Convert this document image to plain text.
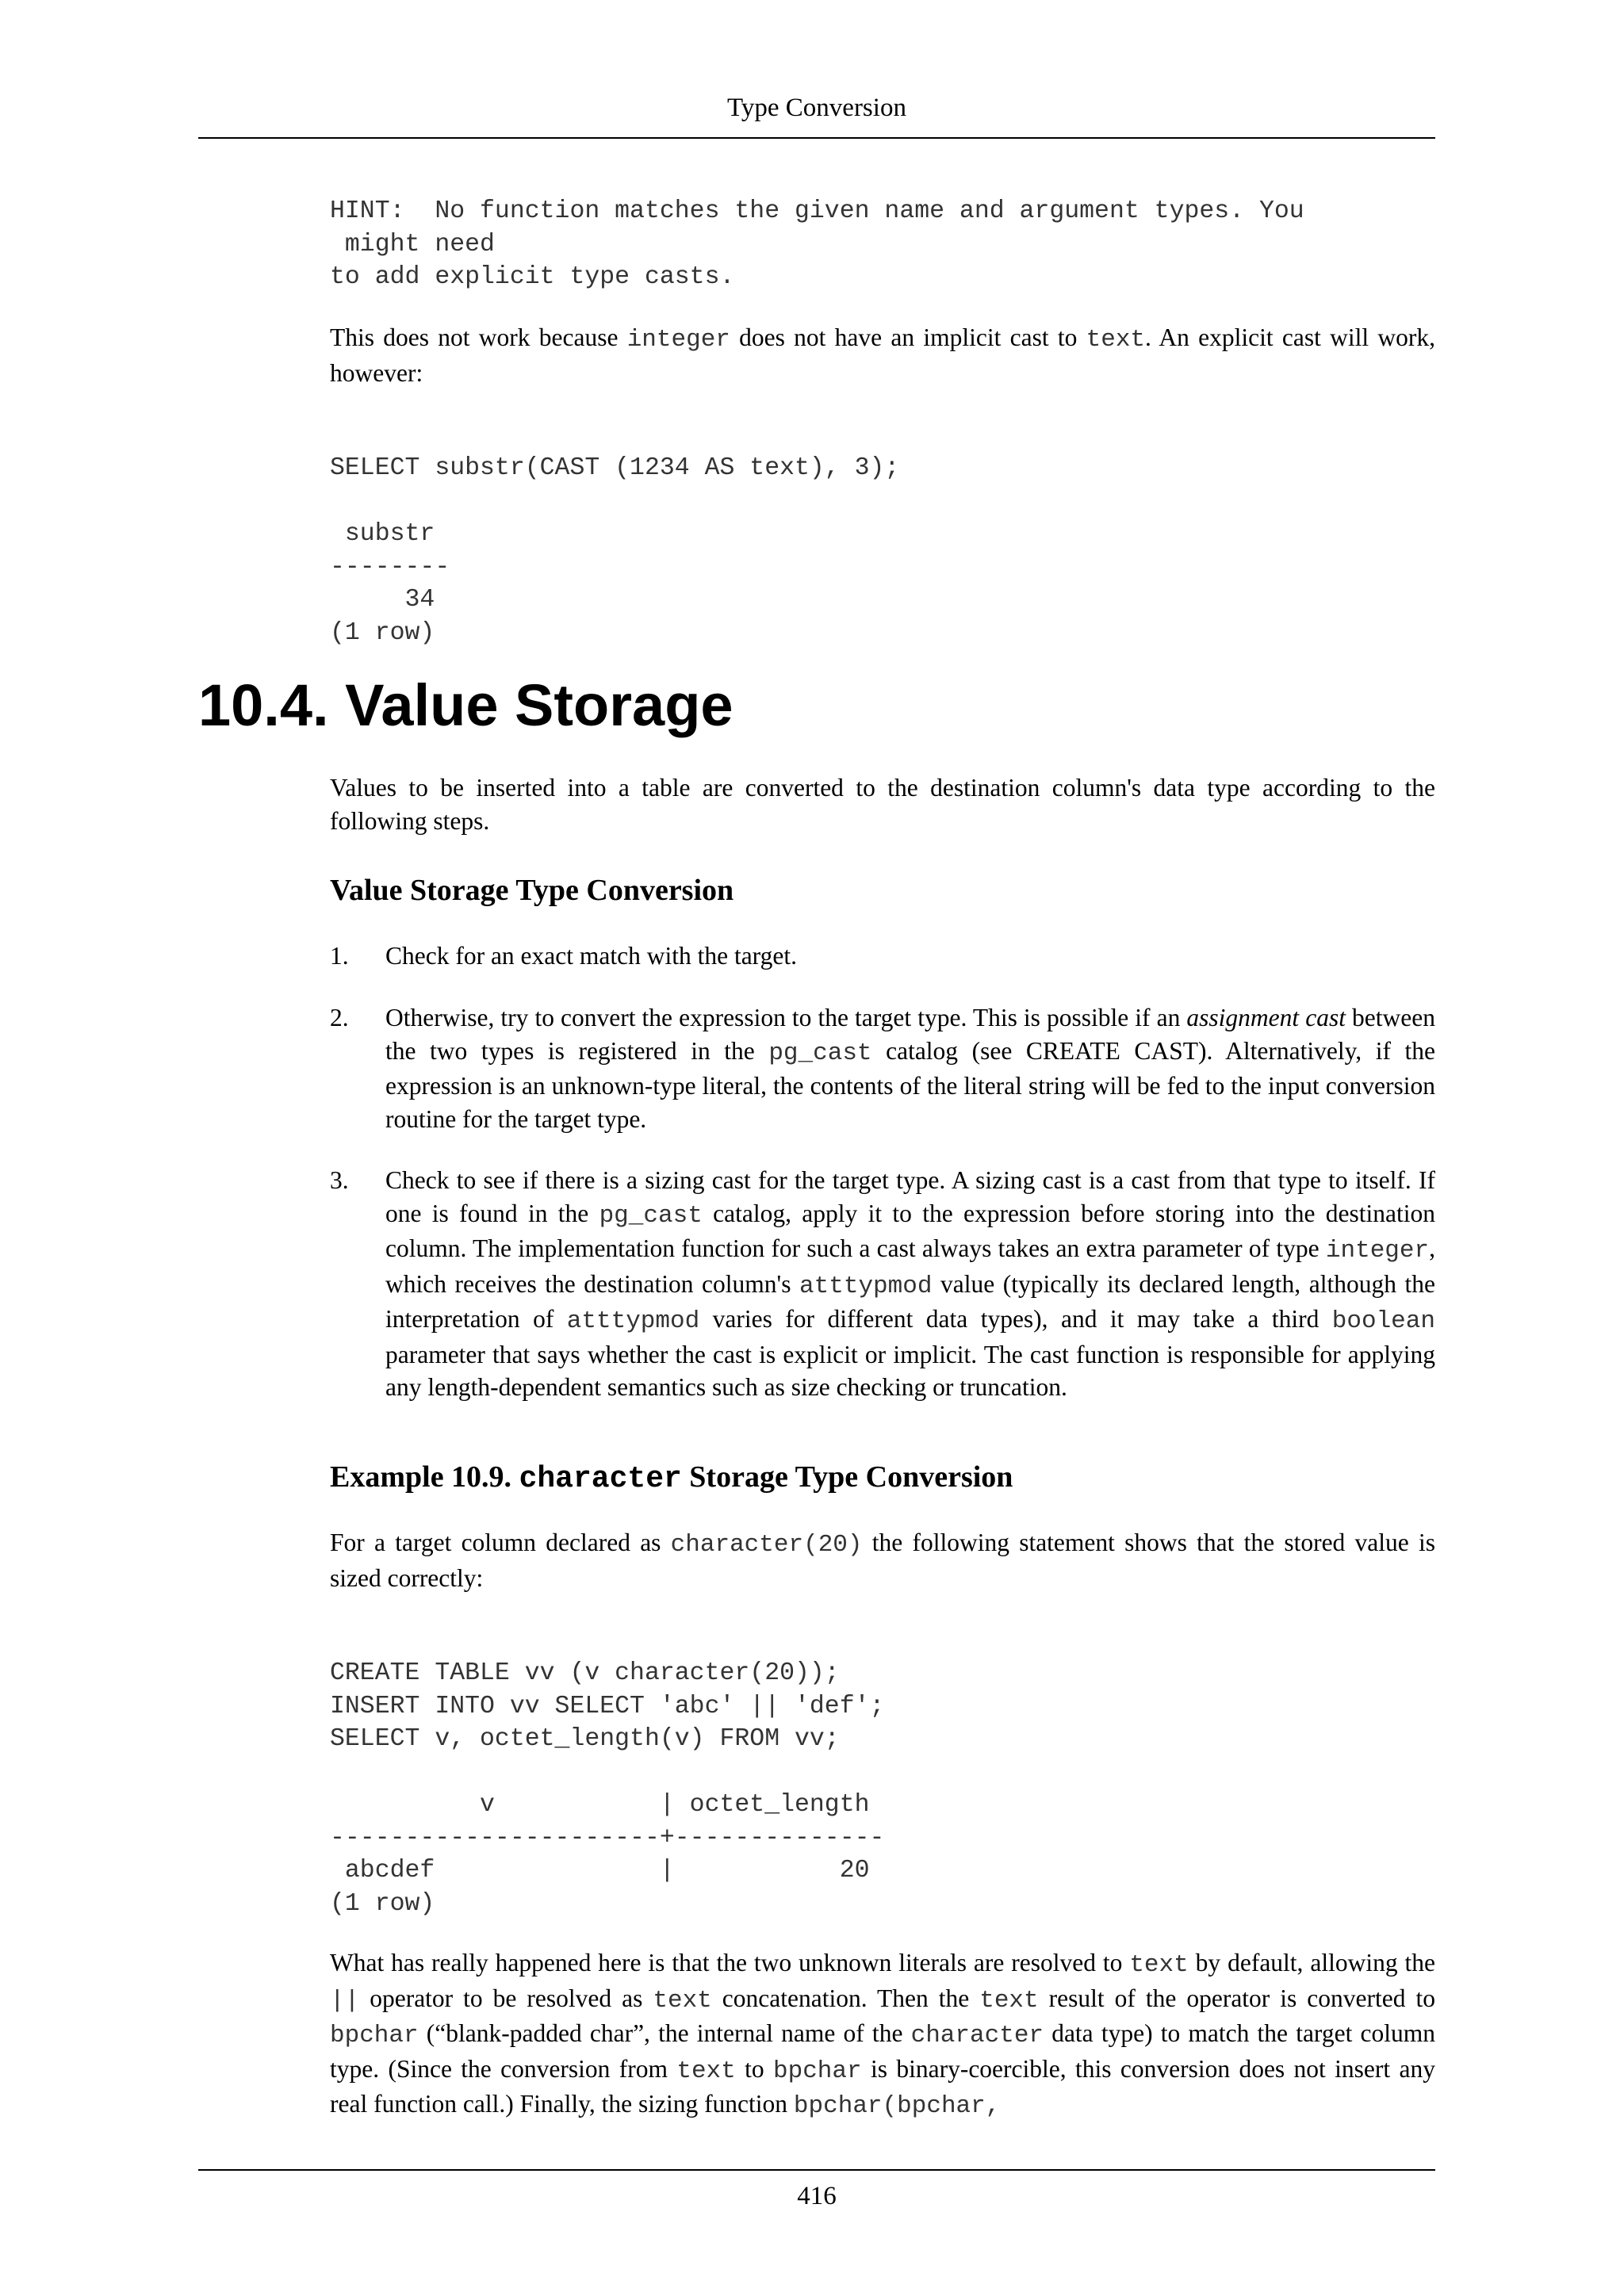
Type Conversion
HINT:  No function matches the given name and argument types. You
might need
to add explicit type casts.

This does not work because integer does not have an implicit cast to text. An explicit cast will work, however:

SELECT substr(CAST (1234 AS text), 3);

substr
--------
34
(1 row)
10.4. Value Storage

Values to be inserted into a table are converted to the destination column's data type according to the following steps.

Value Storage Type Conversion
1. Check for an exact match with the target.

2. Otherwise, try to convert the expression to the target type. This is possible if an assignment cast between the two types is registered in the pg_cast catalog (see CREATE CAST). Alternatively, if the expression is an unknown-type literal, the contents of the literal string will be fed to the input conversion routine for the target type.

3. Check to see if there is a sizing cast for the target type. A sizing cast is a cast from that type to itself. If one is found in the pg_cast catalog, apply it to the expression before storing into the destination column. The implementation function for such a cast always takes an extra parameter of type integer, which receives the destination column's atttypmod value (typically its declared length, although the interpretation of atttypmod varies for different data types), and it may take a third boolean parameter that says whether the cast is explicit or implicit. The cast function is responsible for applying any length-dependent semantics such as size checking or truncation.

Example 10.9. character Storage Type Conversion

For a target column declared as character(20) the following statement shows that the stored value is sized correctly:

CREATE TABLE vv (v character(20));
INSERT INTO vv SELECT 'abc' || 'def';
SELECT v, octet_length(v) FROM vv;

v           | octet_length
----------------------+--------------
abcdef               |           20
(1 row)

What has really happened here is that the two unknown literals are resolved to text by default, allowing the || operator to be resolved as text concatenation. Then the text result of the operator is converted to bpchar (“blank-padded char”, the internal name of the character data type) to match the target column type. (Since the conversion from text to bpchar is binary-coercible, this conversion does not insert any real function call.) Finally, the sizing function bpchar(bpchar,

416
